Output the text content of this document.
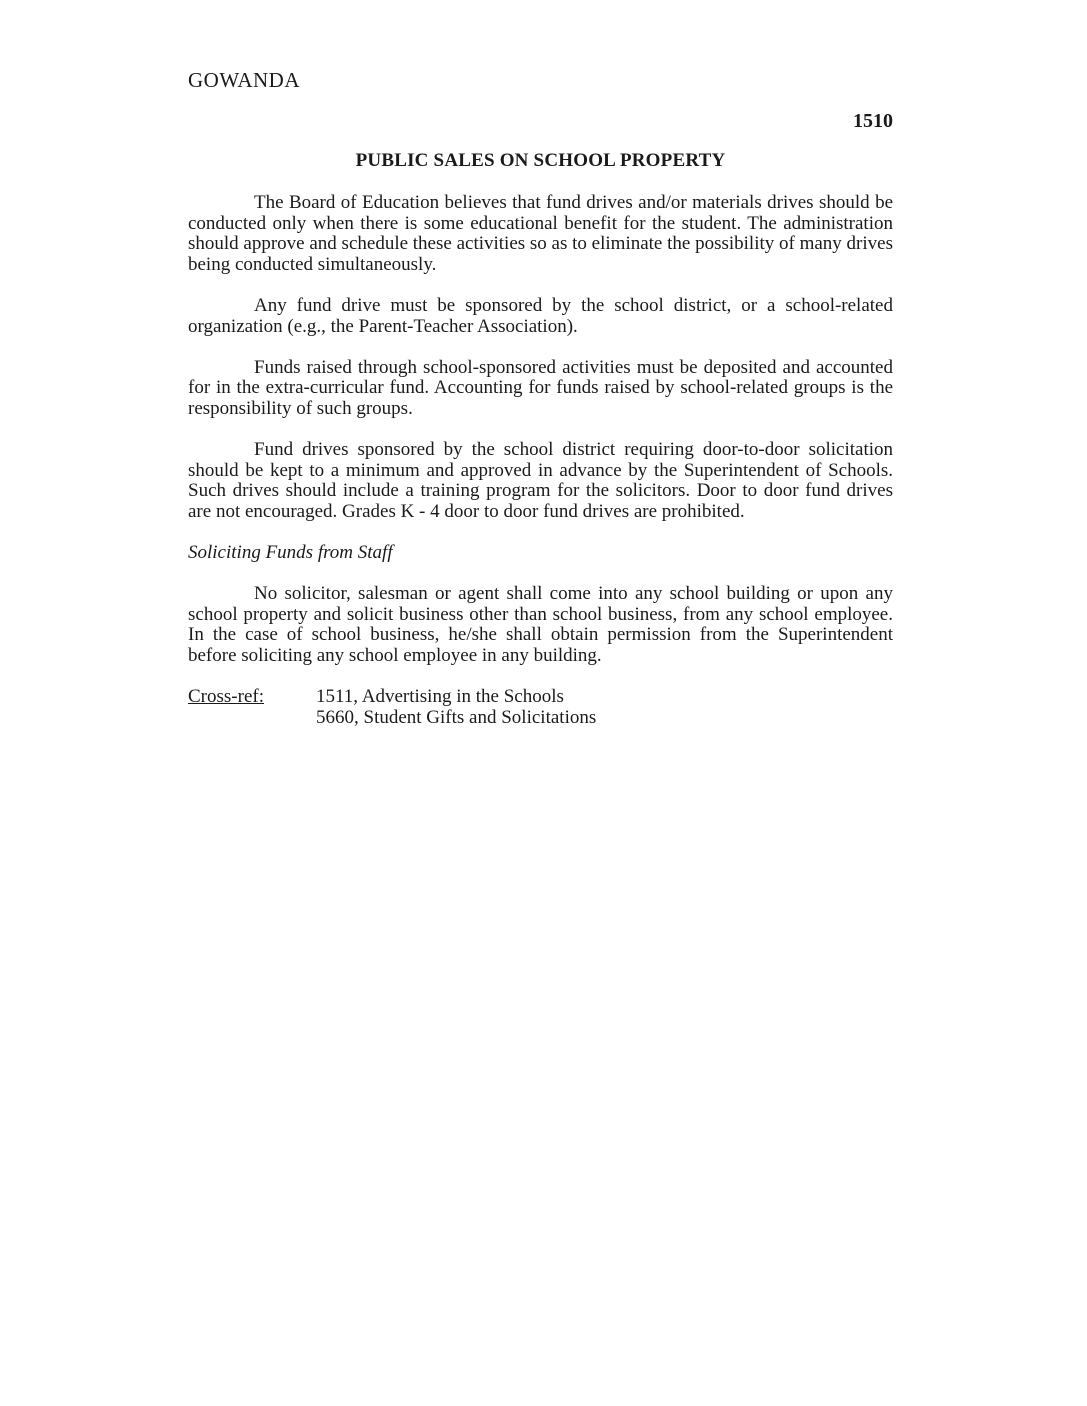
GOWANDA
1510
PUBLIC SALES ON SCHOOL PROPERTY

The Board of Education believes that fund drives and/or materials drives should be conducted only when there is some educational benefit for the student. The administration should approve and schedule these activities so as to eliminate the possibility of many drives being conducted simultaneously.

Any fund drive must be sponsored by the school district, or a school-related organization (e.g., the Parent-Teacher Association).

Funds raised through school-sponsored activities must be deposited and accounted for in the extra-curricular fund. Accounting for funds raised by school-related groups is the responsibility of such groups.

Fund drives sponsored by the school district requiring door-to-door solicitation should be kept to a minimum and approved in advance by the Superintendent of Schools. Such drives should include a training program for the solicitors. Door to door fund drives are not encouraged. Grades K - 4 door to door fund drives are prohibited.

Soliciting Funds from Staff

No solicitor, salesman or agent shall come into any school building or upon any school property and solicit business other than school business, from any school employee. In the case of school business, he/she shall obtain permission from the Superintendent before soliciting any school employee in any building.

Cross-ref:	1511, Advertising in the Schools
5660, Student Gifts and Solicitations
